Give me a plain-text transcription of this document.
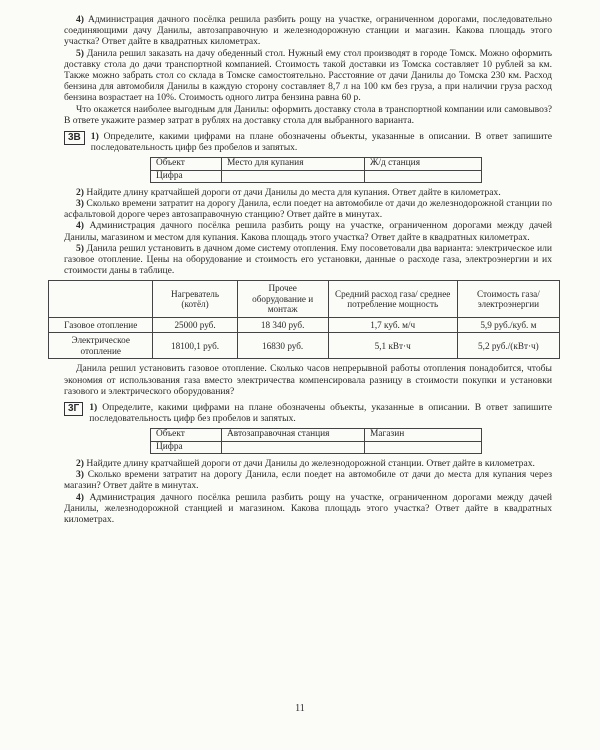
4) Администрация дачного посёлка решила разбить рощу на участке, ограниченном дорогами, последовательно соединяющими дачу Данилы, автозаправочную и железнодорожную станции и магазин. Какова площадь этого участка? Ответ дайте в квадратных километрах.

5) Данила решил заказать на дачу обеденный стол. Нужный ему стол производят в городе Томск. Можно оформить доставку стола до дачи транспортной компанией. Стоимость такой доставки из Томска составляет 10 рублей за км. Также можно забрать стол со склада в Томске самостоятельно. Расстояние от дачи Данилы до Томска 230 км. Расход бензина для автомобиля Данилы в каждую сторону составляет 8,7 л на 100 км без груза, а при наличии груза расход бензина возрастает на 10%. Стоимость одного литра бензина равна 60 р.

Что окажется наиболее выгодным для Данилы: оформить доставку стола в транспортной компании или самовывоз? В ответе укажите размер затрат в рублях на доставку стола для выбранного варианта.

3В	1) Определите, какими цифрами на плане обозначены объекты, указанные в описании. В ответ запишите последовательность цифр без пробелов и запятых.
Объект	Место для купания	Ж/д станция
Цифра		

2) Найдите длину кратчайшей дороги от дачи Данилы до места для купания. Ответ дайте в километрах.

3) Сколько времени затратит на дорогу Данила, если поедет на автомобиле от дачи до железнодорожной станции по асфальтовой дороге через автозаправочную станцию? Ответ дайте в минутах.

4) Администрация дачного посёлка решила разбить рощу на участке, ограниченном дорогами между дачей Данилы, магазином и местом для купания. Какова площадь этого участка? Ответ дайте в квадратных километрах.

5) Данила решил установить в дачном доме систему отопления. Ему посоветовали два варианта: электрическое или газовое отопление. Цены на оборудование и стоимость его установки, данные о расходе газа, электроэнергии и их стоимости даны в таблице.

	Нагреватель (котёл)	Прочее оборудование и монтаж	Средний расход газа/ среднее потребление мощность	Стоимость газа/ электроэнергии
Газовое отопление	25000 руб.	18 340 руб.	1,7 куб. м/ч	5,9 руб./куб. м
Электрическое отопление	18100,1 руб.	16830 руб.	5,1 кВт·ч	5,2 руб./(кВт·ч)

Данила решил установить газовое отопление. Сколько часов непрерывной работы отопления понадобится, чтобы экономия от использования газа вместо электричества компенсировала разницу в стоимости покупки и установки газового и электрического оборудования?

3Г	1) Определите, какими цифрами на плане обозначены объекты, указанные в описании. В ответ запишите последовательность цифр без пробелов и запятых.
Объект	Автозаправочная станция	Магазин
Цифра		

2) Найдите длину кратчайшей дороги от дачи Данилы до железнодорожной станции. Ответ дайте в километрах.

3) Сколько времени затратит на дорогу Данила, если поедет на автомобиле от дачи до места для купания через магазин? Ответ дайте в минутах.

4) Администрация дачного посёлка решила разбить рощу на участке, ограниченном дорогами между дачей Данилы, железнодорожной станцией и магазином. Какова площадь этого участка? Ответ дайте в квадратных километрах.

11
